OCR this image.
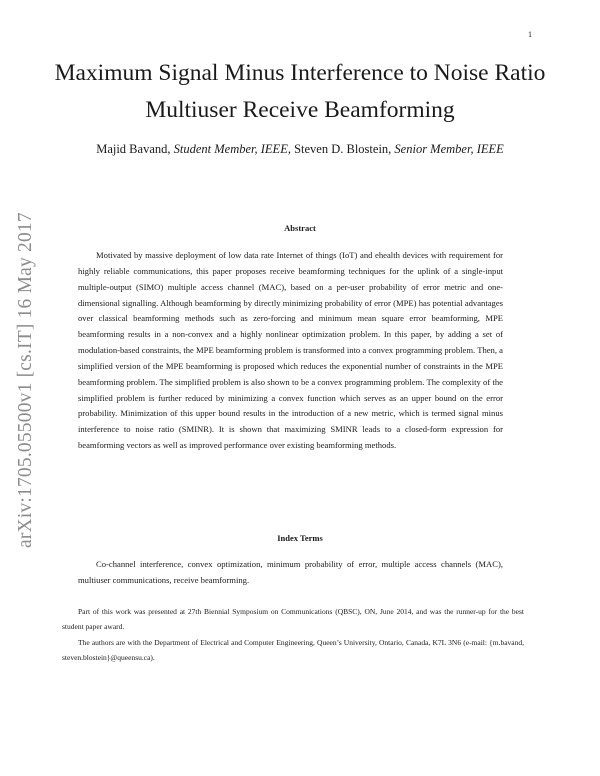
1
arXiv:1705.05500v1 [cs.IT] 16 May 2017
Maximum Signal Minus Interference to Noise Ratio Multiuser Receive Beamforming
Majid Bavand, Student Member, IEEE, Steven D. Blostein, Senior Member, IEEE
Abstract

Motivated by massive deployment of low data rate Internet of things (IoT) and ehealth devices with requirement for highly reliable communications, this paper proposes receive beamforming techniques for the uplink of a single-input multiple-output (SIMO) multiple access channel (MAC), based on a per-user probability of error metric and one-dimensional signalling. Although beamforming by directly minimizing probability of error (MPE) has potential advantages over classical beamforming methods such as zero-forcing and minimum mean square error beamforming, MPE beamforming results in a non-convex and a highly nonlinear optimization problem. In this paper, by adding a set of modulation-based constraints, the MPE beamforming problem is transformed into a convex programming problem. Then, a simplified version of the MPE beamforming is proposed which reduces the exponential number of constraints in the MPE beamforming problem. The simplified problem is also shown to be a convex programming problem. The complexity of the simplified problem is further reduced by minimizing a convex function which serves as an upper bound on the error probability. Minimization of this upper bound results in the introduction of a new metric, which is termed signal minus interference to noise ratio (SMINR). It is shown that maximizing SMINR leads to a closed-form expression for beamforming vectors as well as improved performance over existing beamforming methods.

Index Terms

Co-channel interference, convex optimization, minimum probability of error, multiple access channels (MAC), multiuser communications, receive beamforming.

Part of this work was presented at 27th Biennial Symposium on Communications (QBSC), ON, June 2014, and was the runner-up for the best student paper award.

The authors are with the Department of Electrical and Computer Engineering, Queen’s University, Ontario, Canada, K7L 3N6 (e-mail: {m.bavand, steven.blostein}@queensu.ca).
